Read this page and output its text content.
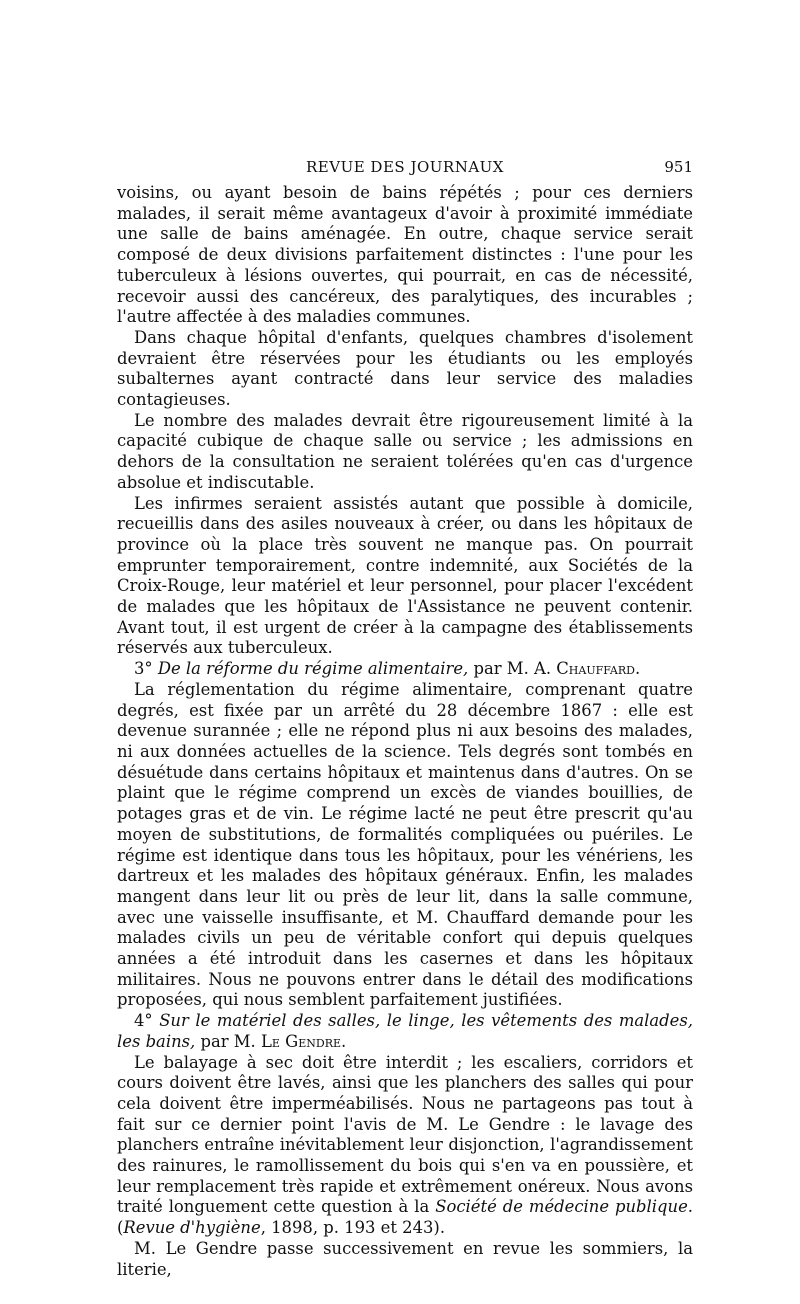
REVUE DES JOURNAUX	951

voisins, ou ayant besoin de bains répétés ; pour ces derniers malades, il serait même avantageux d'avoir à proximité immédiate une salle de bains aménagée. En outre, chaque service serait composé de deux divisions parfaitement distinctes : l'une pour les tuberculeux à lésions ouvertes, qui pourrait, en cas de nécessité, recevoir aussi des cancéreux, des paralytiques, des incurables ; l'autre affectée à des maladies communes.

Dans chaque hôpital d'enfants, quelques chambres d'isolement devraient être réservées pour les étudiants ou les employés subalternes ayant contracté dans leur service des maladies contagieuses.

Le nombre des malades devrait être rigoureusement limité à la capacité cubique de chaque salle ou service ; les admissions en dehors de la consultation ne seraient tolérées qu'en cas d'urgence absolue et indiscutable.

Les infirmes seraient assistés autant que possible à domicile, recueillis dans des asiles nouveaux à créer, ou dans les hôpitaux de province où la place très souvent ne manque pas. On pourrait emprunter temporairement, contre indemnité, aux Sociétés de la Croix-Rouge, leur matériel et leur personnel, pour placer l'excédent de malades que les hôpitaux de l'Assistance ne peuvent contenir. Avant tout, il est urgent de créer à la campagne des établissements réservés aux tuberculeux.

3° De la réforme du régime alimentaire, par M. A. Chauffard.

La réglementation du régime alimentaire, comprenant quatre degrés, est fixée par un arrêté du 28 décembre 1867 : elle est devenue surannée ; elle ne répond plus ni aux besoins des malades, ni aux données actuelles de la science. Tels degrés sont tombés en désuétude dans certains hôpitaux et maintenus dans d'autres. On se plaint que le régime comprend un excès de viandes bouillies, de potages gras et de vin. Le régime lacté ne peut être prescrit qu'au moyen de substitutions, de formalités compliquées ou puériles. Le régime est identique dans tous les hôpitaux, pour les vénériens, les dartreux et les malades des hôpitaux généraux. Enfin, les malades mangent dans leur lit ou près de leur lit, dans la salle commune, avec une vaisselle insuffisante, et M. Chauffard demande pour les malades civils un peu de véritable confort qui depuis quelques années a été introduit dans les casernes et dans les hôpitaux militaires. Nous ne pouvons entrer dans le détail des modifications proposées, qui nous semblent parfaitement justifiées.

4° Sur le matériel des salles, le linge, les vêtements des malades, les bains, par M. Le Gendre.

Le balayage à sec doit être interdit ; les escaliers, corridors et cours doivent être lavés, ainsi que les planchers des salles qui pour cela doivent être imperméabilisés. Nous ne partageons pas tout à fait sur ce dernier point l'avis de M. Le Gendre : le lavage des planchers entraîne inévitablement leur disjonction, l'agrandissement des rainures, le ramollissement du bois qui s'en va en poussière, et leur remplacement très rapide et extrêmement onéreux. Nous avons traité longuement cette question à la Société de médecine publique. (Revue d'hygiène, 1898, p. 193 et 243).

M. Le Gendre passe successivement en revue les sommiers, la literie,
